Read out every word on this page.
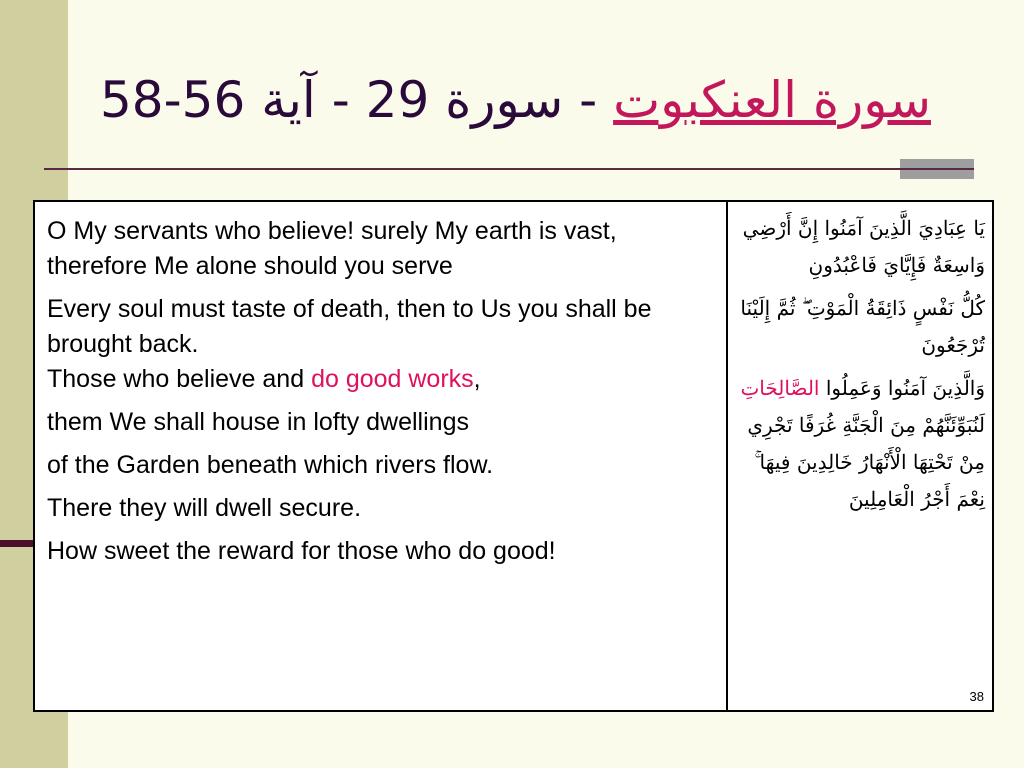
سورة العنكبوت - سورة 29 - آية 56-58

O My servants who believe! surely My earth is vast, therefore Me alone should you serve

Every soul must taste of death, then to Us you shall be brought back.

Those who believe and do good works,

them We shall house in lofty dwellings

of the Garden beneath which rivers flow.

There they will dwell secure.

How sweet the reward for those who do good!

يَا عِبَادِيَ الَّذِينَ آمَنُوا إِنَّ أَرْضِي وَاسِعَةٌ فَإِيَّايَ فَاعْبُدُونِ

كُلُّ نَفْسٍ ذَائِقَةُ الْمَوْتِ ۖ ثُمَّ إِلَيْنَا تُرْجَعُونَ

وَالَّذِينَ آمَنُوا وَعَمِلُوا الصَّالِحَاتِ لَنُبَوِّئَنَّهُمْ مِنَ الْجَنَّةِ غُرَفًا تَجْرِي مِنْ تَحْتِهَا الْأَنْهَارُ خَالِدِينَ فِيهَا ۚ نِعْمَ أَجْرُ الْعَامِلِينَ

38
